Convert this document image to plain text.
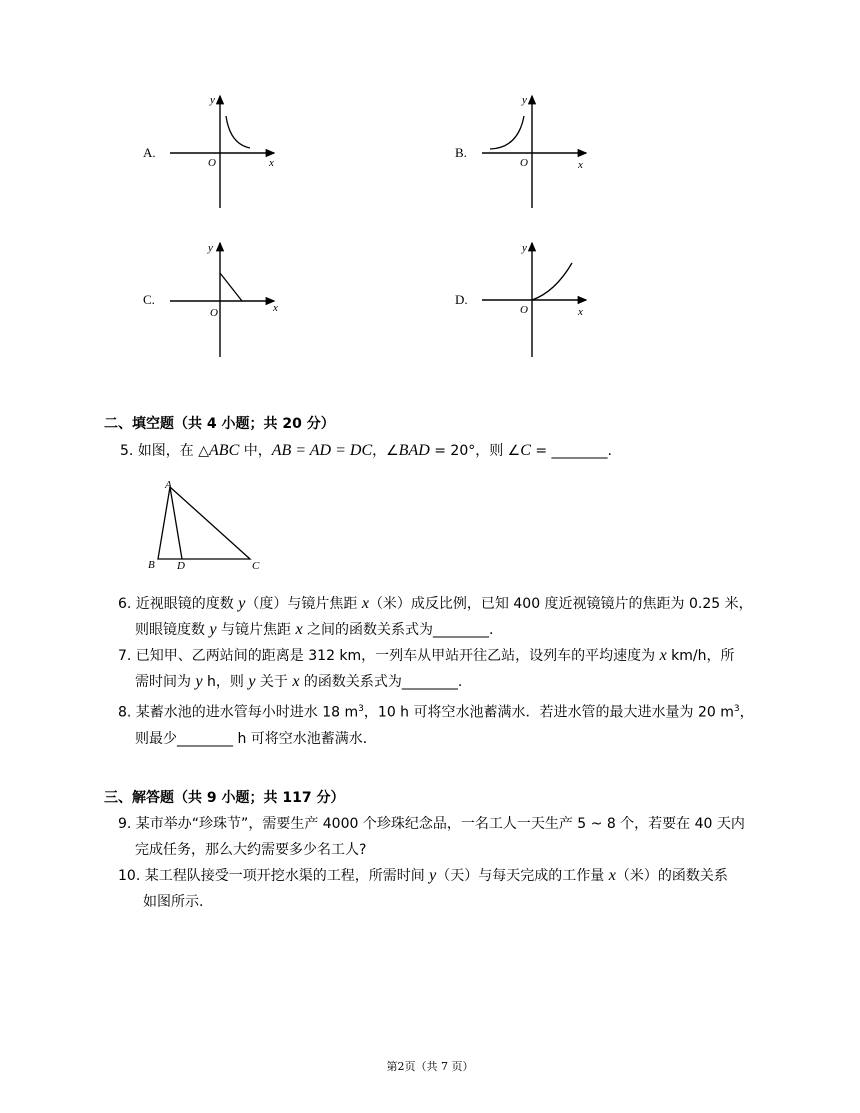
A.
y
x
O
B.
y
x
O
C.
y
x
O
D.
y
x
O
二、填空题（共 4 小题；共 20 分）
5. 如图，在 △ABC 中，AB = AD = DC，∠BAD = 20°，则 ∠C = ________.
A
B D	C
6. 近视眼镜的度数 y（度）与镜片焦距 x（米）成反比例，已知 400 度近视镜镜片的焦距为 0.25 米，
则眼镜度数 y 与镜片焦距 x 之间的函数关系式为________.
7. 已知甲、乙两站间的距离是 312 km，一列车从甲站开往乙站，设列车的平均速度为 x km/h，所
需时间为 y h，则 y 关于 x 的函数关系式为________.
8. 某蓄水池的进水管每小时进水 18 $m^3$，10 h 可将空水池蓄满水．若进水管的最大进水量为 20 $m^3$，
则最少________ h 可将空水池蓄满水．
三、解答题（共 9 小题；共 117 分）
9. 某市举办“珍珠节”，需要生产 4000 个珍珠纪念品，一名工人一天生产 5 ~ 8 个，若要在 40 天内
完成任务，那么大约需要多少名工人?
10. 某工程队接受一项开挖水渠的工程，所需时间 y（天）与每天完成的工作量 x（米）的函数关系
如图所示.
第2页（共 7 页）
